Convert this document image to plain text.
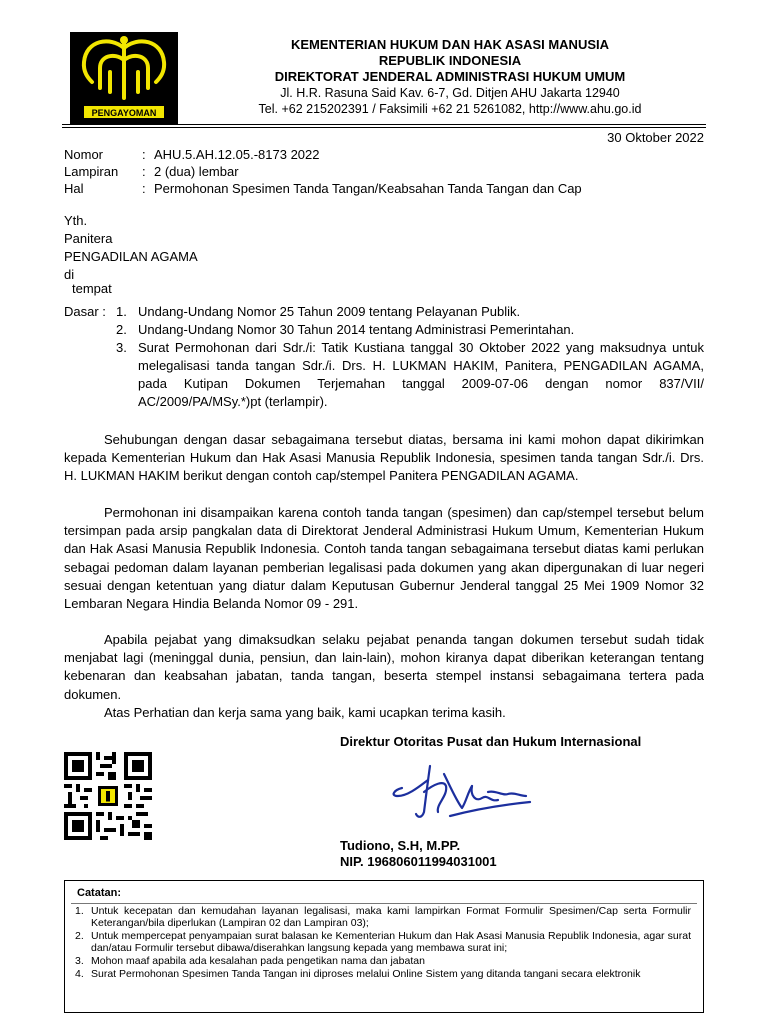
PENGAYOMAN
KEMENTERIAN HUKUM DAN HAK ASASI MANUSIA
REPUBLIK INDONESIA
DIREKTORAT JENDERAL ADMINISTRASI HUKUM UMUM
Jl. H.R. Rasuna Said Kav. 6-7, Gd. Ditjen AHU Jakarta 12940
Tel. +62 215202391 / Faksimili +62 21 5261082, http://www.ahu.go.id
30 Oktober 2022
Nomor	: AHU.5.AH.12.05.-8173 2022
Lampiran : 2 (dua) lembar
Hal	: Permohonan Spesimen Tanda Tangan/Keabsahan Tanda Tangan dan Cap
Yth.
Panitera
PENGADILAN AGAMA
di
tempat
Dasar : 1. Undang-Undang Nomor 25 Tahun 2009 tentang Pelayanan Publik.
2. Undang-Undang Nomor 30 Tahun 2014 tentang Administrasi Pemerintahan.
3. Surat Permohonan dari Sdr./i: Tatik Kustiana tanggal 30 Oktober 2022 yang maksudnya untuk melegalisasi tanda tangan Sdr./i. Drs. H. LUKMAN HAKIM, Panitera, PENGADILAN AGAMA, pada Kutipan Dokumen Terjemahan tanggal 2009-07-06 dengan nomor 837/VII/ AC/2009/PA/MSy.*)pt (terlampir).
Sehubungan dengan dasar sebagaimana tersebut diatas, bersama ini kami mohon dapat dikirimkan kepada Kementerian Hukum dan Hak Asasi Manusia Republik Indonesia, spesimen tanda tangan Sdr./i. Drs. H. LUKMAN HAKIM berikut dengan contoh cap/stempel Panitera PENGADILAN AGAMA.
Permohonan ini disampaikan karena contoh tanda tangan (spesimen) dan cap/stempel tersebut belum tersimpan pada arsip pangkalan data di Direktorat Jenderal Administrasi Hukum Umum, Kementerian Hukum dan Hak Asasi Manusia Republik Indonesia. Contoh tanda tangan sebagaimana tersebut diatas kami perlukan sebagai pedoman dalam layanan pemberian legalisasi pada dokumen yang akan dipergunakan di luar negeri sesuai dengan ketentuan yang diatur dalam Keputusan Gubernur Jenderal tanggal 25 Mei 1909 Nomor 32 Lembaran Negara Hindia Belanda Nomor 09 - 291.
Apabila pejabat yang dimaksudkan selaku pejabat penanda tangan dokumen tersebut sudah tidak menjabat lagi (meninggal dunia, pensiun, dan lain-lain), mohon kiranya dapat diberikan keterangan tentang kebenaran dan keabsahan jabatan, tanda tangan, beserta stempel instansi sebagaimana tertera pada dokumen.
Atas Perhatian dan kerja sama yang baik, kami ucapkan terima kasih.
Direktur Otoritas Pusat dan Hukum Internasional
Tudiono, S.H, M.PP.
NIP. 196806011994031001
Catatan:
1. Untuk kecepatan dan kemudahan layanan legalisasi, maka kami lampirkan Format Formulir Spesimen/Cap serta Formulir Keterangan/bila diperlukan (Lampiran 02 dan Lampiran 03);
2. Untuk mempercepat penyampaian surat balasan ke Kementerian Hukum dan Hak Asasi Manusia Republik Indonesia, agar surat dan/atau Formulir tersebut dibawa/diserahkan langsung kepada yang membawa surat ini;
3. Mohon maaf apabila ada kesalahan pada pengetikan nama dan jabatan
4. Surat Permohonan Spesimen Tanda Tangan ini diproses melalui Online Sistem yang ditanda tangani secara elektronik
